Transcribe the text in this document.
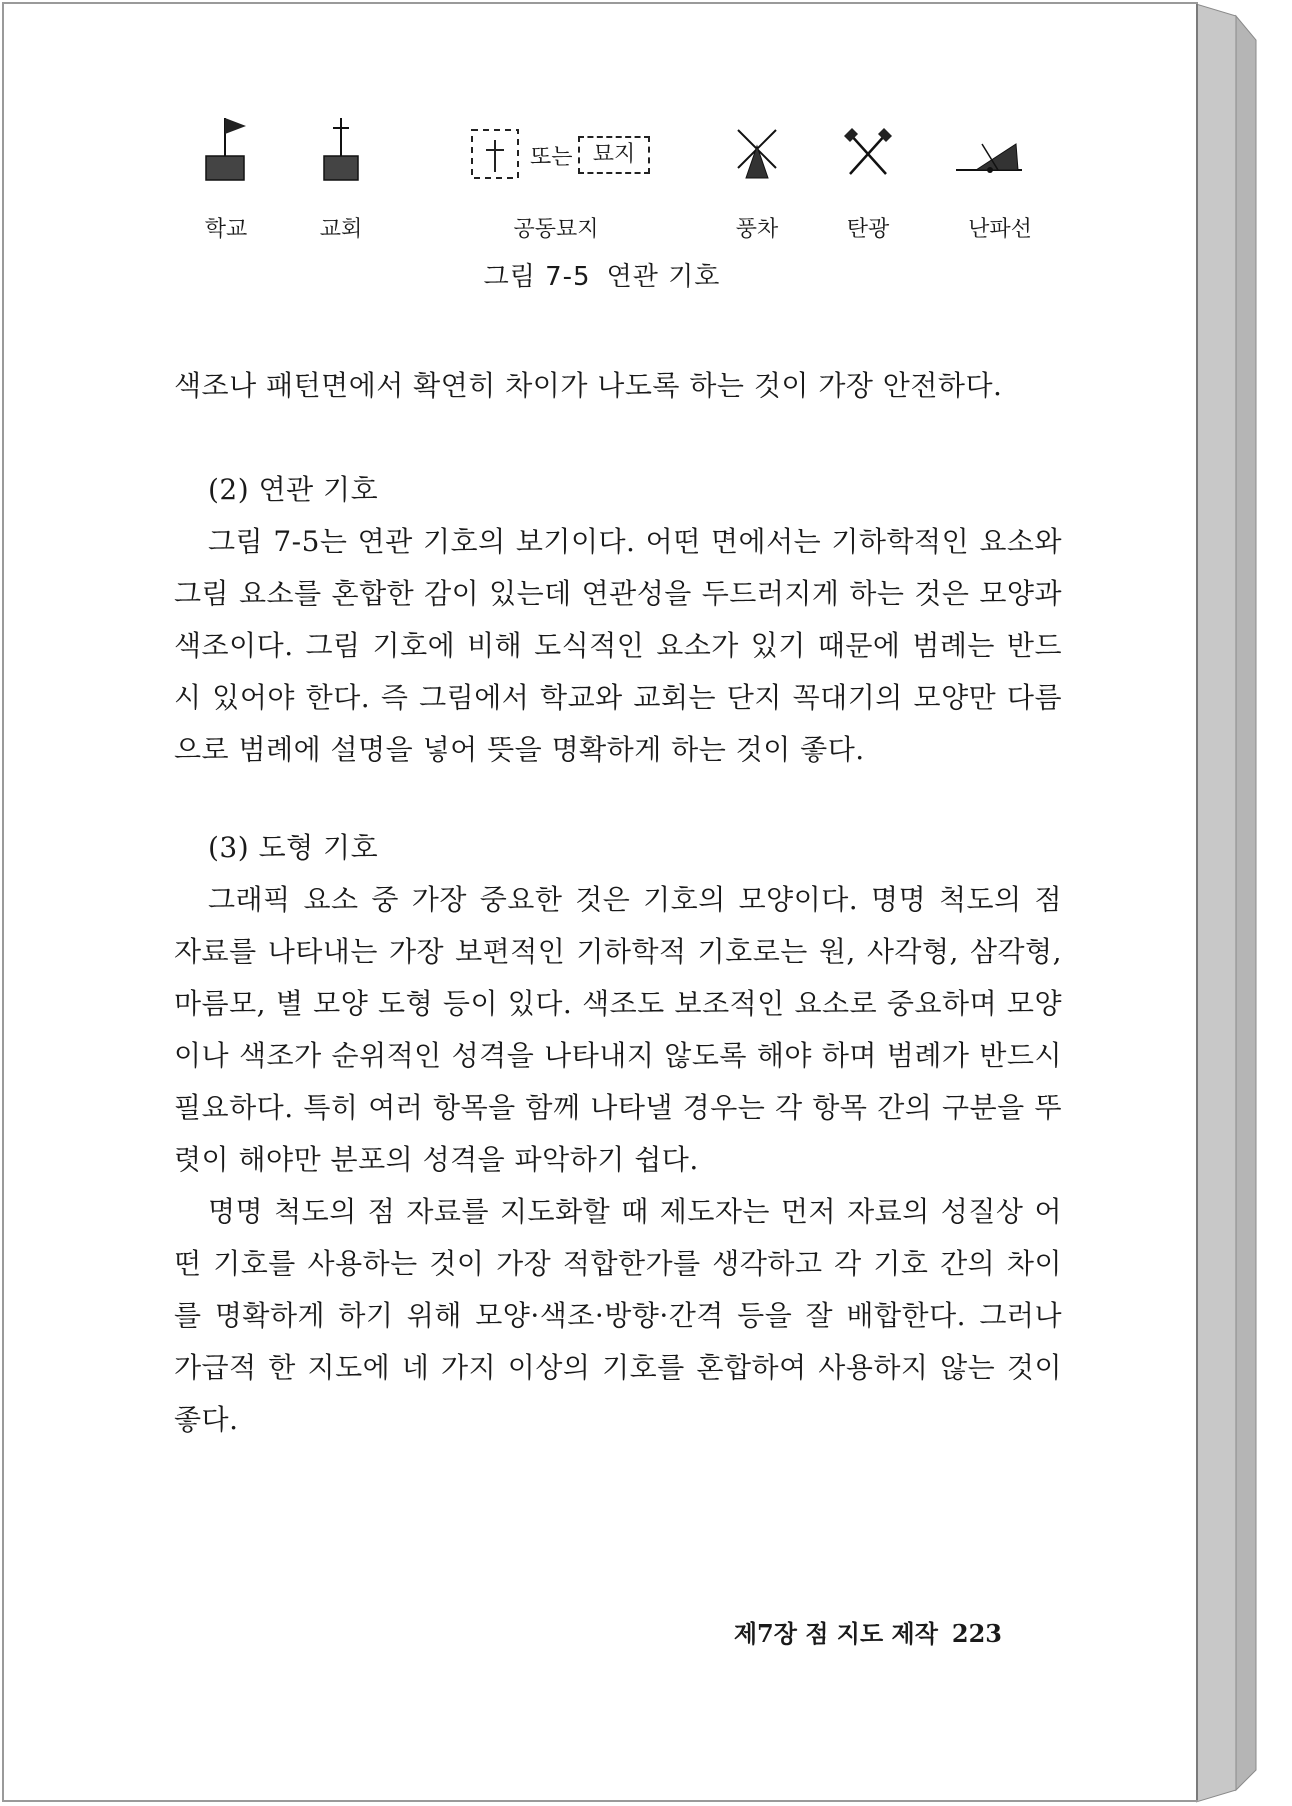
학교	교회
또는 묘지
공동묘지	풍차	탄광	난파선
그림 7-5 연관 기호

색조나 패턴면에서 확연히 차이가 나도록 하는 것이 가장 안전하다.

(2) 연관 기호

그림 7-5는 연관 기호의 보기이다. 어떤 면에서는 기하학적인 요소와 그림 요소를 혼합한 감이 있는데 연관성을 두드러지게 하는 것은 모양과 색조이다. 그림 기호에 비해 도식적인 요소가 있기 때문에 범례는 반드시 있어야 한다. 즉 그림에서 학교와 교회는 단지 꼭대기의 모양만 다름으로 범례에 설명을 넣어 뜻을 명확하게 하는 것이 좋다.

(3) 도형 기호

그래픽 요소 중 가장 중요한 것은 기호의 모양이다. 명명 척도의 점 자료를 나타내는 가장 보편적인 기하학적 기호로는 원, 사각형, 삼각형, 마름모, 별 모양 도형 등이 있다. 색조도 보조적인 요소로 중요하며 모양이나 색조가 순위적인 성격을 나타내지 않도록 해야 하며 범례가 반드시 필요하다. 특히 여러 항목을 함께 나타낼 경우는 각 항목 간의 구분을 뚜렷이 해야만 분포의 성격을 파악하기 쉽다.

명명 척도의 점 자료를 지도화할 때 제도자는 먼저 자료의 성질상 어떤 기호를 사용하는 것이 가장 적합한가를 생각하고 각 기호 간의 차이를 명확하게 하기 위해 모양·색조·방향·간격 등을 잘 배합한다. 그러나 가급적 한 지도에 네 가지 이상의 기호를 혼합하여 사용하지 않는 것이 좋다.

제7장 점 지도 제작 223
